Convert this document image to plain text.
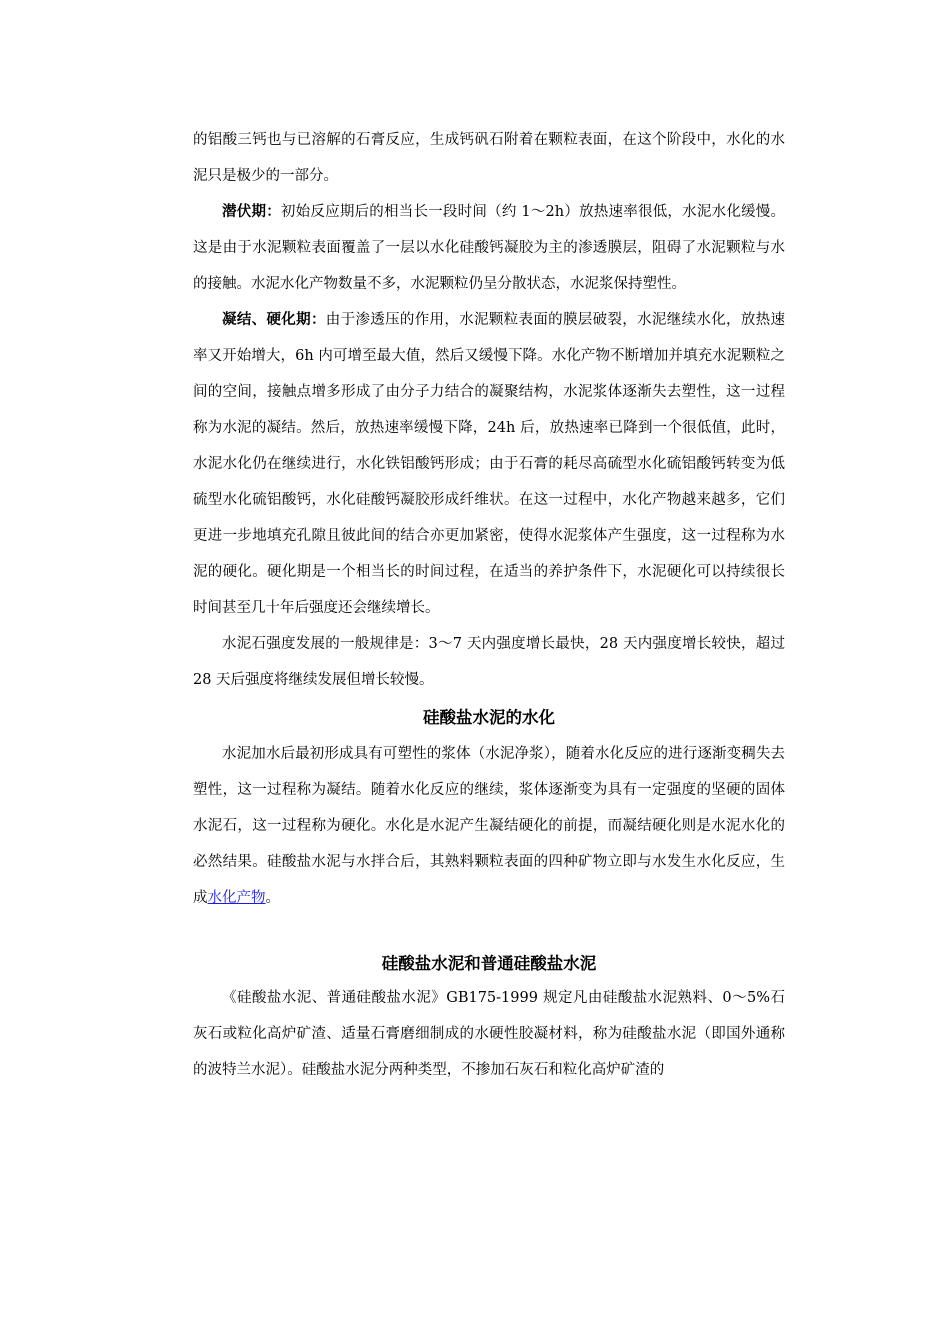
的铝酸三钙也与已溶解的石膏反应，生成钙矾石附着在颗粒表面，在这个阶段中，水化的水泥只是极少的一部分。

潜伏期：初始反应期后的相当长一段时间（约 1～2h）放热速率很低，水泥水化缓慢。这是由于水泥颗粒表面覆盖了一层以水化硅酸钙凝胶为主的渗透膜层，阻碍了水泥颗粒与水的接触。水泥水化产物数量不多，水泥颗粒仍呈分散状态，水泥浆保持塑性。

凝结、硬化期：由于渗透压的作用，水泥颗粒表面的膜层破裂，水泥继续水化，放热速率又开始增大，6h 内可增至最大值，然后又缓慢下降。水化产物不断增加并填充水泥颗粒之间的空间，接触点增多形成了由分子力结合的凝聚结构，水泥浆体逐渐失去塑性，这一过程称为水泥的凝结。然后，放热速率缓慢下降，24h 后，放热速率已降到一个很低值，此时，水泥水化仍在继续进行，水化铁铝酸钙形成；由于石膏的耗尽高硫型水化硫铝酸钙转变为低硫型水化硫铝酸钙，水化硅酸钙凝胶形成纤维状。在这一过程中，水化产物越来越多，它们更进一步地填充孔隙且彼此间的结合亦更加紧密，使得水泥浆体产生强度，这一过程称为水泥的硬化。硬化期是一个相当长的时间过程，在适当的养护条件下，水泥硬化可以持续很长时间甚至几十年后强度还会继续增长。

水泥石强度发展的一般规律是：3～7 天内强度增长最快，28 天内强度增长较快，超过 28 天后强度将继续发展但增长较慢。

硅酸盐水泥的水化

水泥加水后最初形成具有可塑性的浆体（水泥净浆），随着水化反应的进行逐渐变稠失去塑性，这一过程称为凝结。随着水化反应的继续，浆体逐渐变为具有一定强度的坚硬的固体水泥石，这一过程称为硬化。水化是水泥产生凝结硬化的前提，而凝结硬化则是水泥水化的必然结果。硅酸盐水泥与水拌合后，其熟料颗粒表面的四种矿物立即与水发生水化反应，生成水化产物。

硅酸盐水泥和普通硅酸盐水泥

《硅酸盐水泥、普通硅酸盐水泥》GB175-1999 规定凡由硅酸盐水泥熟料、0～5%石灰石或粒化高炉矿渣、适量石膏磨细制成的水硬性胶凝材料，称为硅酸盐水泥（即国外通称的波特兰水泥）。硅酸盐水泥分两种类型，不掺加石灰石和粒化高炉矿渣的
